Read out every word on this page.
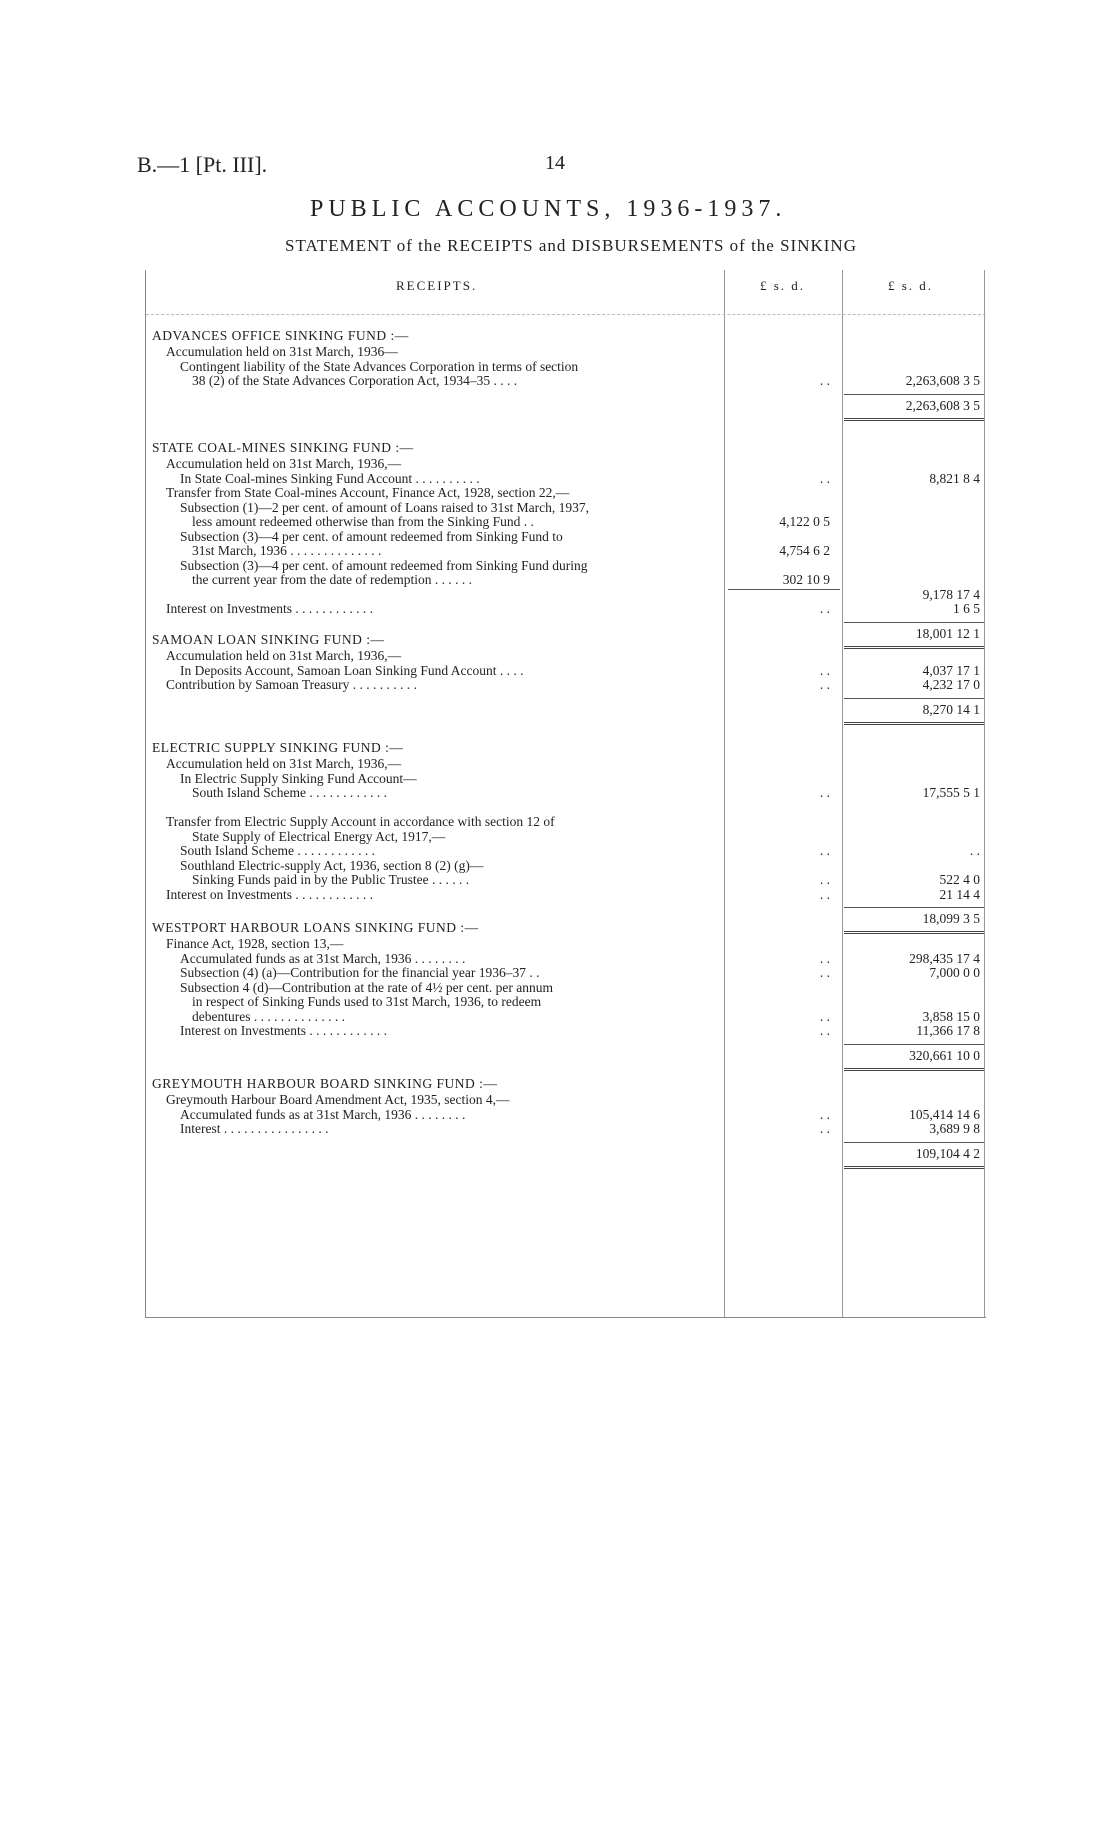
B.—1 [Pt. III].	14
PUBLIC ACCOUNTS, 1936-1937.
STATEMENT of the RECEIPTS and DISBURSEMENTS of the SINKING
RECEIPTS.	£ s. d.	£ s. d.
ADVANCES OFFICE SINKING FUND :—
Accumulation held on 31st March, 1936—
Contingent liability of the State Advances Corporation in terms of section
38 (2) of the State Advances Corporation Act, 1934–35 . . . .	. .	2,263,608 3 5
2,263,608 3 5
STATE COAL-MINES SINKING FUND :—
Accumulation held on 31st March, 1936,—
In State Coal-mines Sinking Fund Account . . . . . . . . . .	. .	8,821 8 4
Transfer from State Coal-mines Account, Finance Act, 1928, section 22,—
Subsection (1)—2 per cent. of amount of Loans raised to 31st March, 1937,
less amount redeemed otherwise than from the Sinking Fund . .	4,122 0 5
Subsection (3)—4 per cent. of amount redeemed from Sinking Fund to
31st March, 1936 . . . . . . . . . . . . . .	4,754 6 2
Subsection (3)—4 per cent. of amount redeemed from Sinking Fund during
the current year from the date of redemption . . . . . .	302 10 9
9,178 17 4
Interest on Investments . . . . . . . . . . . .	. .	1 6 5
18,001 12 1
SAMOAN LOAN SINKING FUND :—
Accumulation held on 31st March, 1936,—
In Deposits Account, Samoan Loan Sinking Fund Account . . . .	. .	4,037 17 1
Contribution by Samoan Treasury . . . . . . . . . .	. .	4,232 17 0
8,270 14 1
ELECTRIC SUPPLY SINKING FUND :—
Accumulation held on 31st March, 1936,—
In Electric Supply Sinking Fund Account—
South Island Scheme . . . . . . . . . . . .	. .	17,555 5 1
Transfer from Electric Supply Account in accordance with section 12 of
State Supply of Electrical Energy Act, 1917,—
South Island Scheme . . . . . . . . . . . .	. .	. .
Southland Electric-supply Act, 1936, section 8 (2) (g)—
Sinking Funds paid in by the Public Trustee . . . . . .	. .	522 4 0
Interest on Investments . . . . . . . . . . . .	. .	21 14 4
18,099 3 5
WESTPORT HARBOUR LOANS SINKING FUND :—
Finance Act, 1928, section 13,—
Accumulated funds as at 31st March, 1936 . . . . . . . .	. .	298,435 17 4
Subsection (4) (a)—Contribution for the financial year 1936–37 . .	. .	7,000 0 0
Subsection 4 (d)—Contribution at the rate of 4½ per cent. per annum
in respect of Sinking Funds used to 31st March, 1936, to redeem
debentures . . . . . . . . . . . . . .	. .	3,858 15 0
Interest on Investments . . . . . . . . . . . .	. .	11,366 17 8
320,661 10 0
GREYMOUTH HARBOUR BOARD SINKING FUND :—
Greymouth Harbour Board Amendment Act, 1935, section 4,—
Accumulated funds as at 31st March, 1936 . . . . . . . .	. .	105,414 14 6
Interest . . . . . . . . . . . . . . . .	. .	3,689 9 8
109,104 4 2
